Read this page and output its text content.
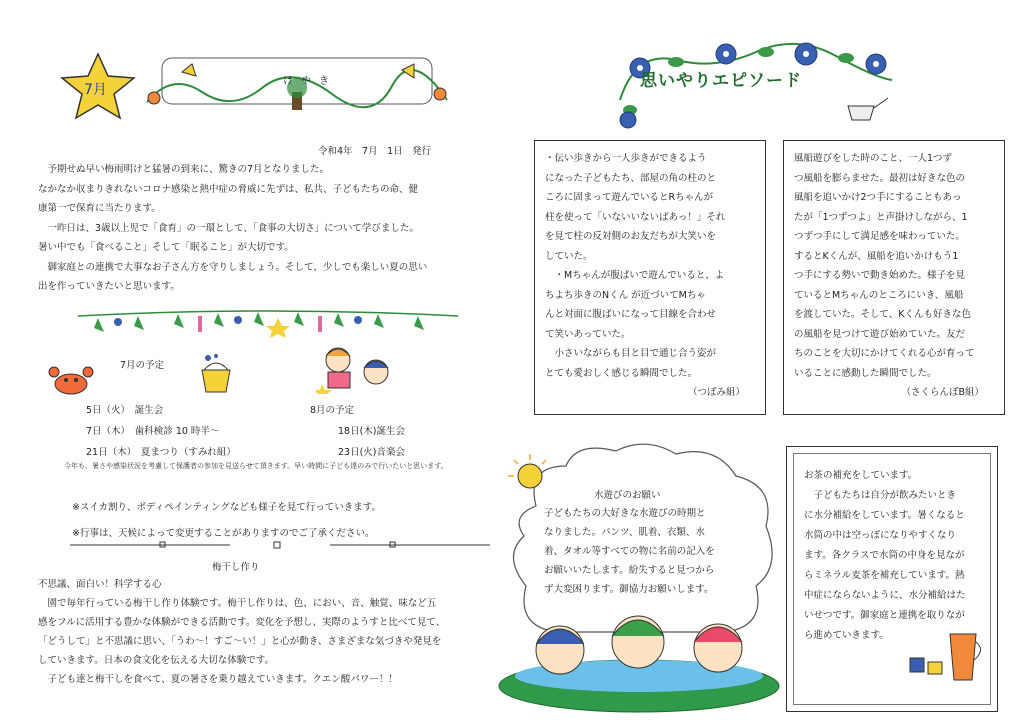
7月
けやき
令和4年　7月　1日　発行

　予期せぬ早い梅雨明けと猛暑の到来に、驚きの7月となりました。

なかなか収まりきれないコロナ感染と熱中症の脅威に先ずは、私共、子どもたちの命、健

康第一で保育に当たります。

　一昨日は、3歳以上児で「食育」の一環として、「食事の大切さ」について学びました。

暑い中でも「食べること」そして「眠ること」が大切です。

　御家庭との連携で大事なお子さん方を守りしましょう。そして、少しでも楽しい夏の思い

出を作っていきたいと思います。

7月の予定
5日（火）　誕生会
7日（木）　歯科検診 10 時半～
21日（木）　夏まつり（すみれ組）
8月の予定
18日(木)誕生会
23日(火)音楽会
今年も、暑さや感染状況を考慮して保護者の参加を見送らせて頂きます。早い時間に子ども達のみで行いたいと思います。
※スイカ割り、ボディペインティングなども様子を見て行っていきます。
※行事は、天候によって変更することがありますのでご了承ください。
梅干し作り

不思議、面白い！科学する心

　園で毎年行っている梅干し作り体験です。梅干し作りは、色、におい、音、触覚、味など五

感をフルに活用する豊かな体験ができる活動です。変化を予想し、実際のようすと比べて見て、

「どうして」と不思議に思い、「うわ～！すご～い！」と心が動き、さまざまな気づきや発見を

していきます。日本の食文化を伝える大切な体験です。

　子ども達と梅干しを食べて、夏の暑さを乗り越えていきます。クエン酸パワー！！

思いやりエピソード

・伝い歩きから一人歩きができるよう

になった子どもたち、部屋の角の柱のと

ころに固まって遊んでいるとRちゃんが

柱を使って「いないいないばあっ！」それ

を見て柱の反対側のお友だちが大笑いを

していた。

　・Mちゃんが腹ばいで遊んでいると、よ

ちよち歩きのNくん が近づいてMちゃ

んと対面に腹ばいになって目線を合わせ

て笑いあっていた。

　小さいながらも目と目で通じ合う姿が

とても愛おしく感じる瞬間でした。

（つぼみ組）

風船遊びをした時のこと、一人1つず

つ風船を膨らませた。最初は好きな色の

風船を追いかけ2つ手にすることもあっ

たが「1つずつよ」と声掛けしながら、1

つずつ手にして満足感を味わっていた。

するとKくんが、風船を追いかけもう1

つ手にする勢いで動き始めた。様子を見

ているとMちゃんのところにいき、風船

を渡していた。そして、Kくんも好きな色

の風船を見つけて遊び始めていた。友だ

ちのことを大切にかけてくれる心が育って

いることに感動した瞬間でした。

（さくらんぼB組）

水遊びのお願い

子どもたちの大好きな水遊びの時期と

なりました。パンツ、肌着、衣類、水

着、タオル等すべての物に名前の記入を

お願いいたします。紛失すると見つから

ず大変困ります。御協力お願いします。

お茶の補充をしています。

　子どもたちは自分が飲みたいとき

に水分補給をしています。暑くなると

水筒の中は空っぽになりやすくなり

ます。各クラスで水筒の中身を見なが

らミネラル麦茶を補充しています。熱

中症にならないように、水分補給はた

いせつです。御家庭と連携を取りなが

ら進めていきます。
